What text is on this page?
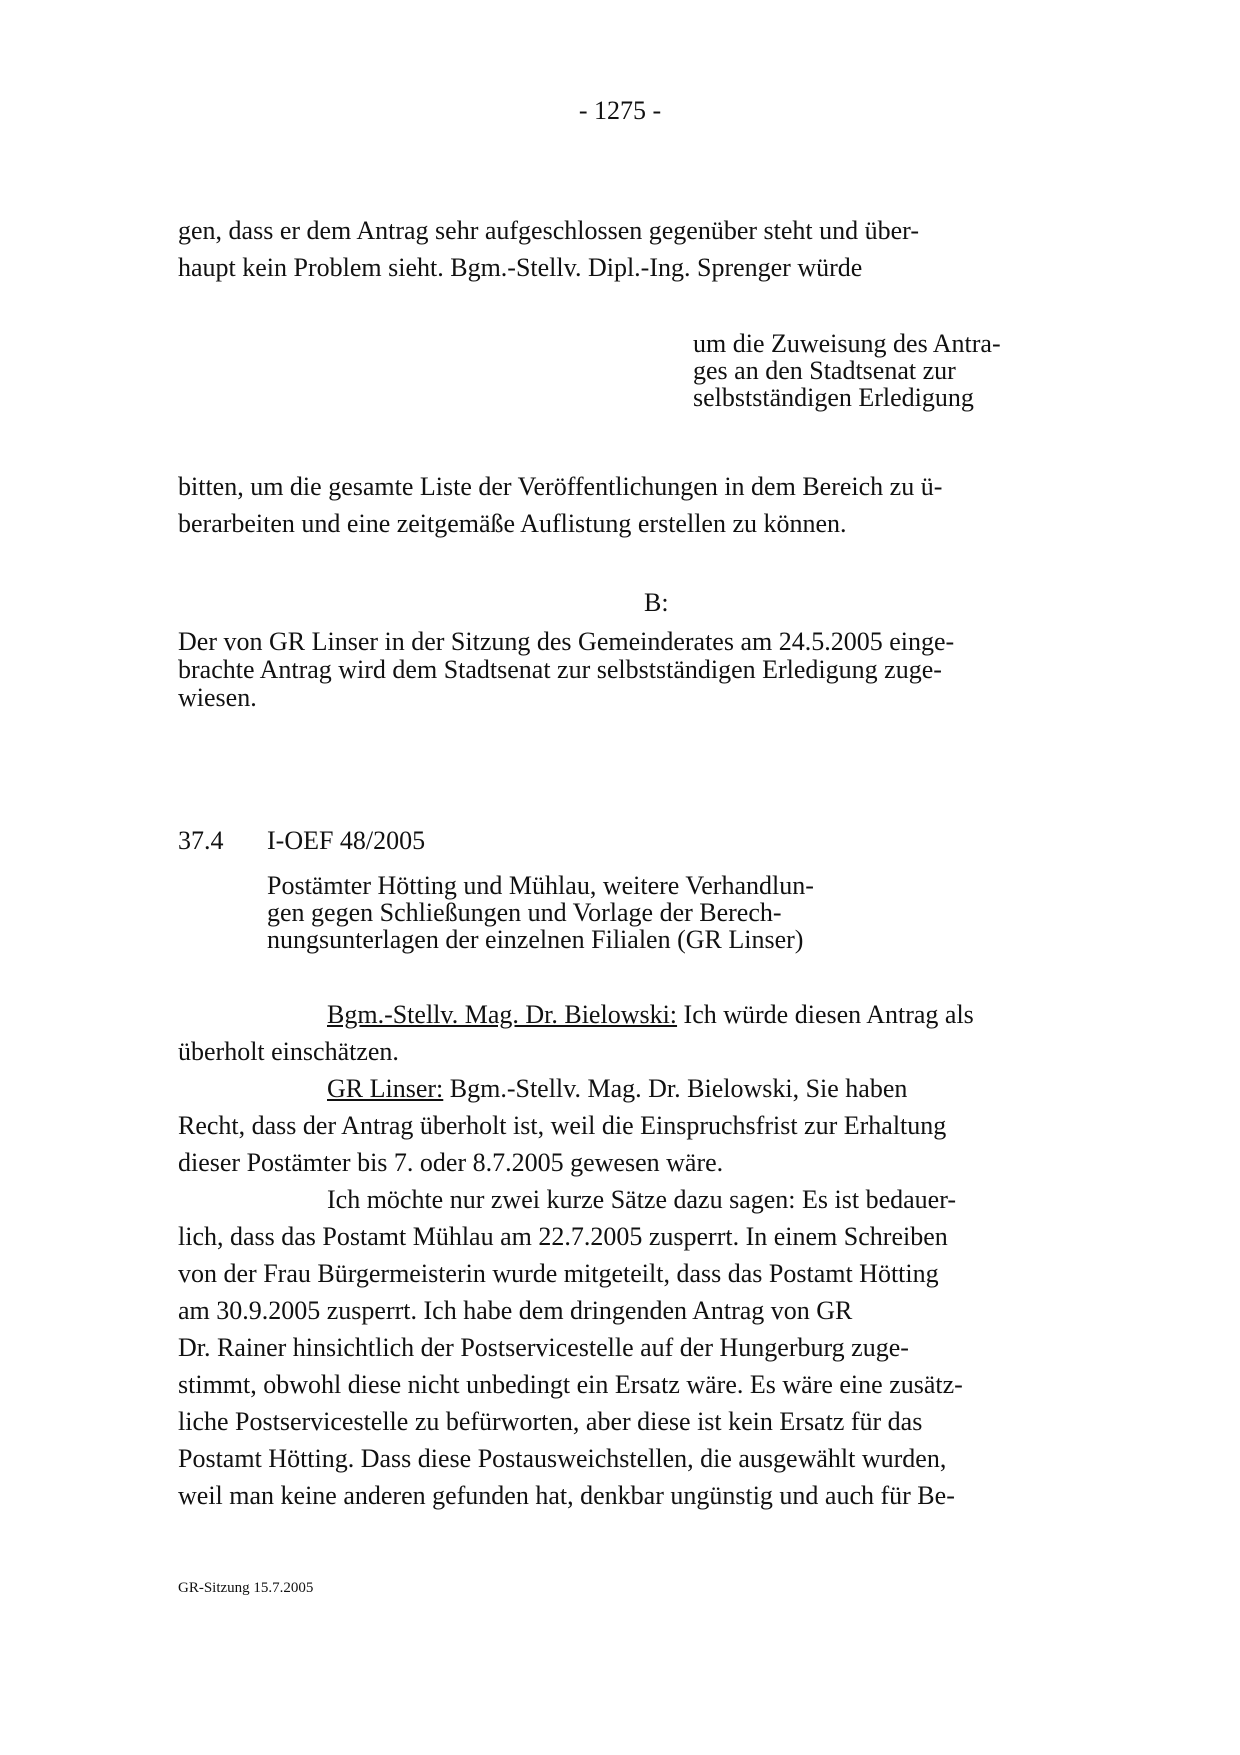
- 1275 -
gen, dass er dem Antrag sehr aufgeschlossen gegenüber steht und über-
haupt kein Problem sieht. Bgm.-Stellv. Dipl.-Ing. Sprenger würde
um die Zuweisung des Antra-
ges an den Stadtsenat zur
selbstständigen Erledigung
bitten, um die gesamte Liste der Veröffentlichungen in dem Bereich zu ü-
berarbeiten und eine zeitgemäße Auflistung erstellen zu können.
B:
Der von GR Linser in der Sitzung des Gemeinderates am 24.5.2005 einge-
brachte Antrag wird dem Stadtsenat zur selbstständigen Erledigung zuge-
wiesen.
37.4 I-OEF 48/2005
Postämter Hötting und Mühlau, weitere Verhandlun-
gen gegen Schließungen und Vorlage der Berech-
nungsunterlagen der einzelnen Filialen (GR Linser)
Bgm.-Stellv. Mag. Dr. Bielowski: Ich würde diesen Antrag als
überholt einschätzen.
GR Linser: Bgm.-Stellv. Mag. Dr. Bielowski, Sie haben
Recht, dass der Antrag überholt ist, weil die Einspruchsfrist zur Erhaltung
dieser Postämter bis 7. oder 8.7.2005 gewesen wäre.
Ich möchte nur zwei kurze Sätze dazu sagen: Es ist bedauer-
lich, dass das Postamt Mühlau am 22.7.2005 zusperrt. In einem Schreiben
von der Frau Bürgermeisterin wurde mitgeteilt, dass das Postamt Hötting
am 30.9.2005 zusperrt. Ich habe dem dringenden Antrag von GR
Dr. Rainer hinsichtlich der Postservicestelle auf der Hungerburg zuge-
stimmt, obwohl diese nicht unbedingt ein Ersatz wäre. Es wäre eine zusätz-
liche Postservicestelle zu befürworten, aber diese ist kein Ersatz für das
Postamt Hötting. Dass diese Postausweichstellen, die ausgewählt wurden,
weil man keine anderen gefunden hat, denkbar ungünstig und auch für Be-
GR-Sitzung 15.7.2005
